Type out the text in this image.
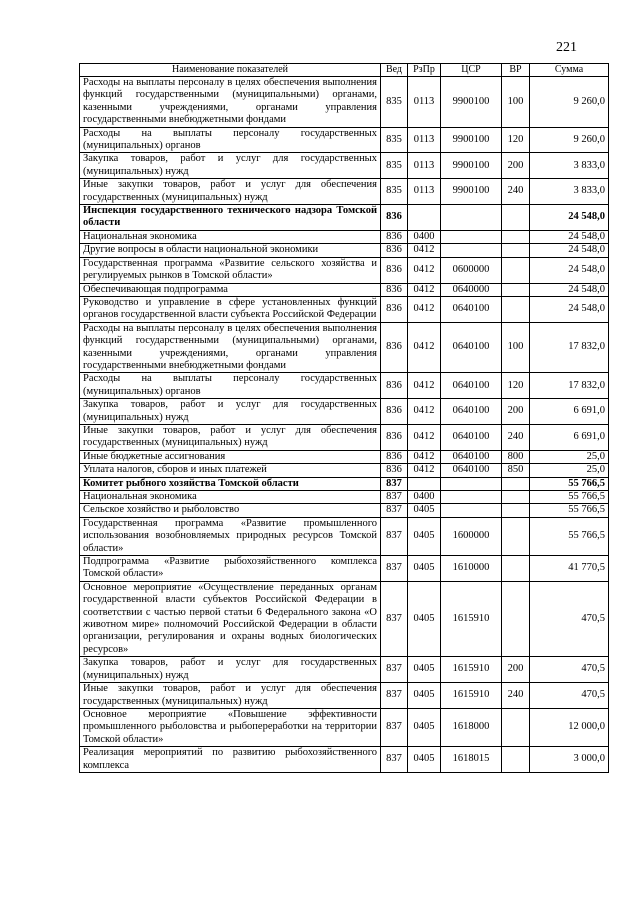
221
Наименование показателей	Вед	РзПр	ЦСР	ВР	Сумма
Расходы на выплаты персоналу в целях обеспечения выполнения функций государственными (муниципальными) органами, казенными учреждениями, органами управления государственными внебюджетными фондами	835	0113	9900100	100	9 260,0
Расходы на выплаты персоналу государственных (муниципальных) органов	835	0113	9900100	120	9 260,0
Закупка товаров, работ и услуг для государственных (муниципальных) нужд	835	0113	9900100	200	3 833,0
Иные закупки товаров, работ и услуг для обеспечения государственных (муниципальных) нужд	835	0113	9900100	240	3 833,0
Инспекция государственного технического надзора Томской области	836				24 548,0
Национальная экономика	836	0400			24 548,0
Другие вопросы в области национальной экономики	836	0412			24 548,0
Государственная программа «Развитие сельского хозяйства и регулируемых рынков в Томской области»	836	0412	0600000		24 548,0
Обеспечивающая подпрограмма	836	0412	0640000		24 548,0
Руководство и управление в сфере установленных функций органов государственной власти субъекта Российской Федерации	836	0412	0640100		24 548,0
Расходы на выплаты персоналу в целях обеспечения выполнения функций государственными (муниципальными) органами, казенными учреждениями, органами управления государственными внебюджетными фондами	836	0412	0640100	100	17 832,0
Расходы на выплаты персоналу государственных (муниципальных) органов	836	0412	0640100	120	17 832,0
Закупка товаров, работ и услуг для государственных (муниципальных) нужд	836	0412	0640100	200	6 691,0
Иные закупки товаров, работ и услуг для обеспечения государственных (муниципальных) нужд	836	0412	0640100	240	6 691,0
Иные бюджетные ассигнования	836	0412	0640100	800	25,0
Уплата налогов, сборов и иных платежей	836	0412	0640100	850	25,0
Комитет рыбного хозяйства Томской области	837				55 766,5
Национальная экономика	837	0400			55 766,5
Сельское хозяйство и рыболовство	837	0405			55 766,5
Государственная программа «Развитие промышленного использования возобновляемых природных ресурсов Томской области»	837	0405	1600000		55 766,5
Подпрограмма «Развитие рыбохозяйственного комплекса Томской области»	837	0405	1610000		41 770,5
Основное мероприятие «Осуществление переданных органам государственной власти субъектов Российской Федерации в соответствии с частью первой статьи 6 Федерального закона «О животном мире» полномочий Российской Федерации в области организации, регулирования и охраны водных биологических ресурсов»	837	0405	1615910		470,5
Закупка товаров, работ и услуг для государственных (муниципальных) нужд	837	0405	1615910	200	470,5
Иные закупки товаров, работ и услуг для обеспечения государственных (муниципальных) нужд	837	0405	1615910	240	470,5
Основное мероприятие «Повышение эффективности промышленного рыболовства и рыбопереработки на территории Томской области»	837	0405	1618000		12 000,0
Реализация мероприятий по развитию рыбохозяйственного комплекса	837	0405	1618015		3 000,0
